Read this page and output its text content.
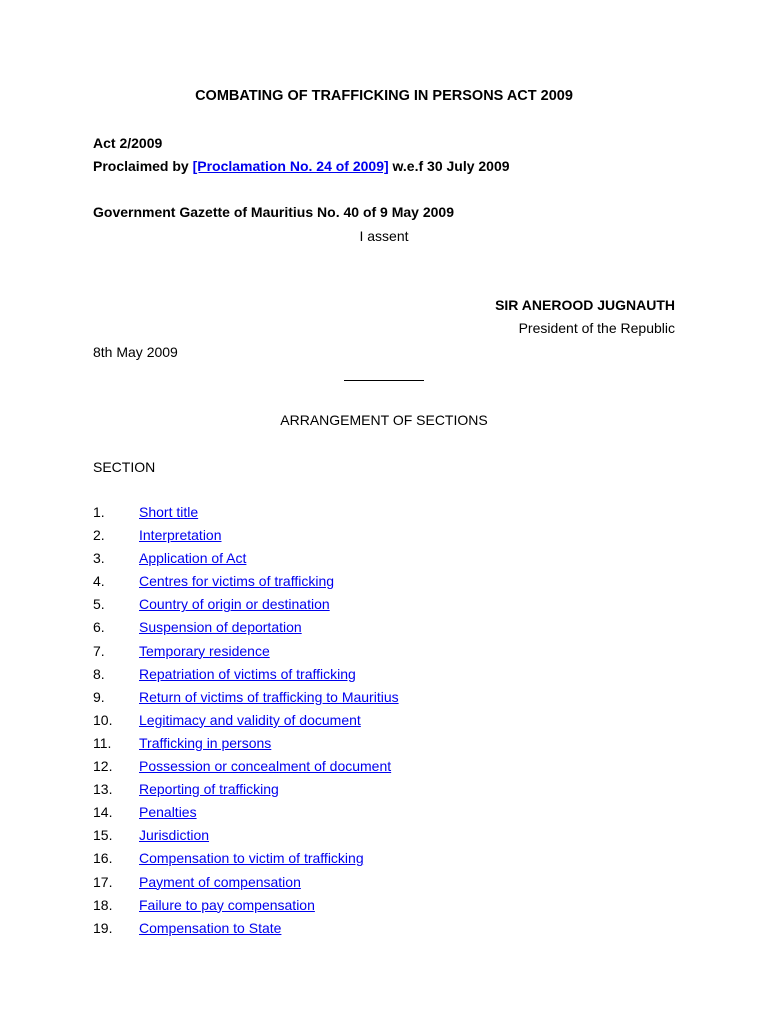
COMBATING OF TRAFFICKING IN PERSONS ACT 2009
Act 2/2009
Proclaimed by [Proclamation No. 24 of 2009] w.e.f 30 July 2009
Government Gazette of Mauritius No. 40 of 9 May 2009
I assent
SIR ANEROOD JUGNAUTH
President of the Republic
8th May 2009
ARRANGEMENT OF SECTIONS
SECTION
1.	Short title
2.	Interpretation
3.	Application of Act
4.	Centres for victims of trafficking
5.	Country of origin or destination
6.	Suspension of deportation
7.	Temporary residence
8.	Repatriation of victims of trafficking
9.	Return of victims of trafficking to Mauritius
10.	Legitimacy and validity of document
11.	Trafficking in persons
12.	Possession or concealment of document
13.	Reporting of trafficking
14.	Penalties
15.	Jurisdiction
16.	Compensation to victim of trafficking
17.	Payment of compensation
18.	Failure to pay compensation
19.	Compensation to State
